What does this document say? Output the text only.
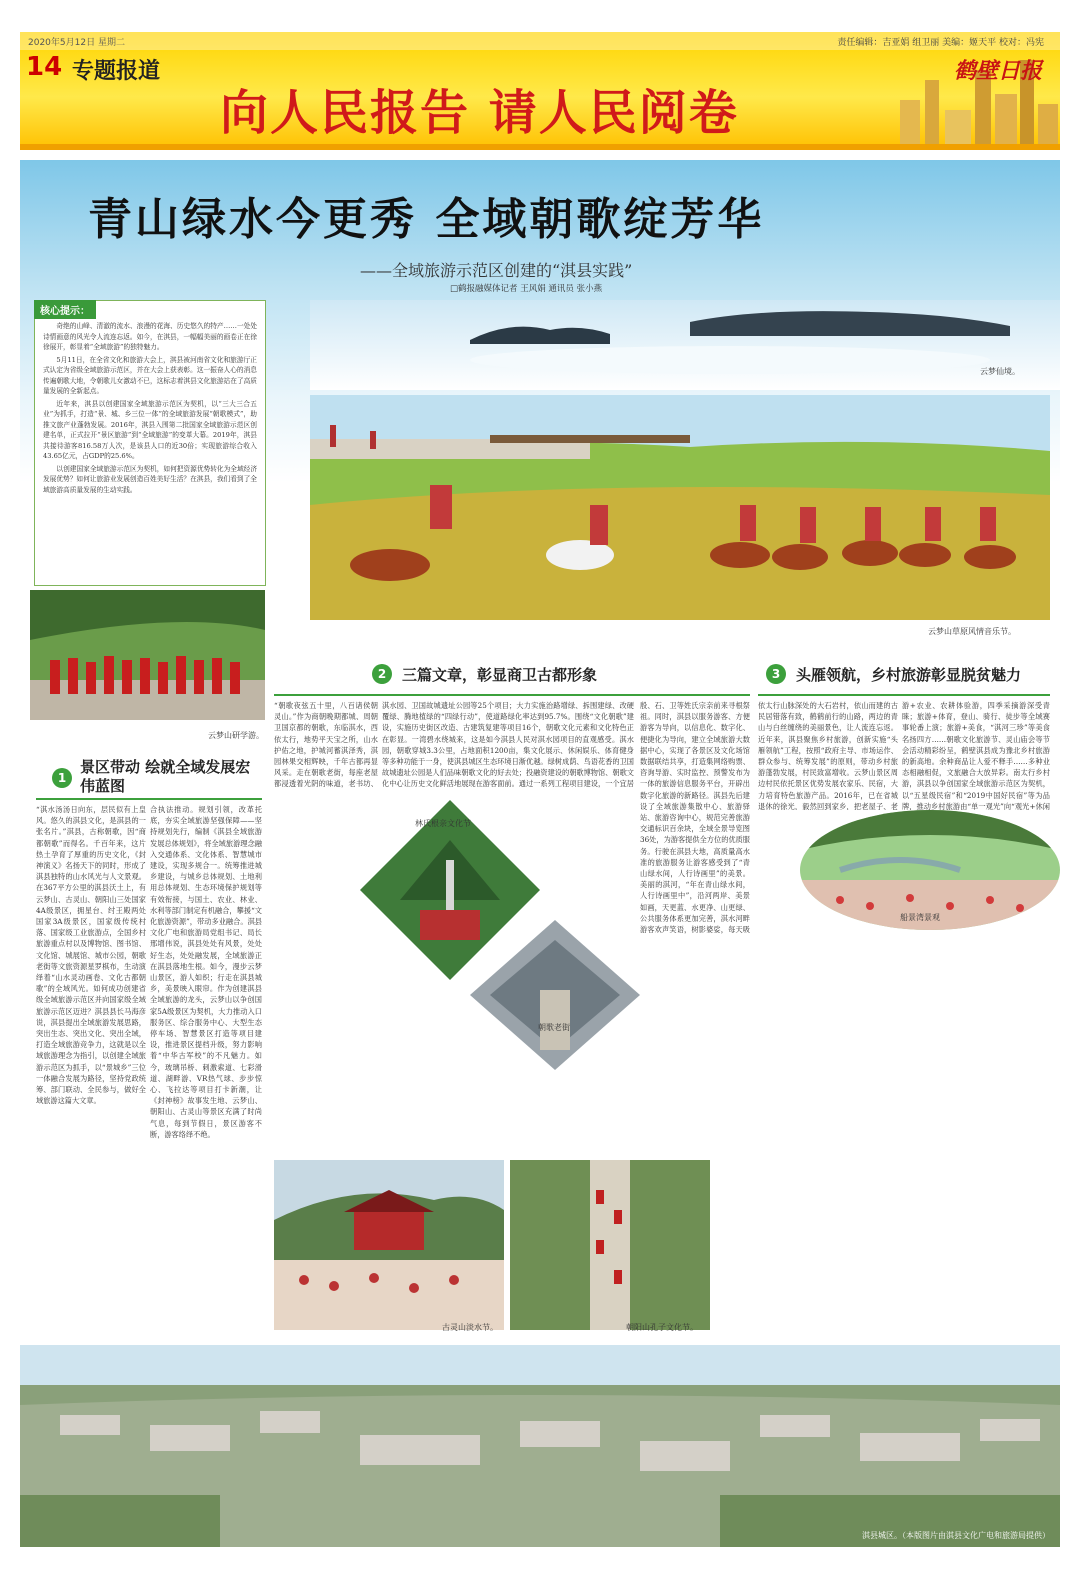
2020年5月12日 星期二	责任编辑：吉亚娟 组卫丽 美编：姬天平 校对：冯宪
14 专题报道
向人民报告 请人民阅卷
鹤壁日报
青山绿水今更秀 全域朝歌绽芳华
——全域旅游示范区创建的“淇县实践”
□鹤报融媒体记者 王风娟 通讯员 张小燕
云梦仙境。

奇绝的山峰、清澈的流水、浪漫的花海、历史悠久的特产……一处处诗情画意的风光令人流连忘返。如今，在淇县，一幅幅美丽的画卷正在徐徐展开，彰显着“全域旅游”的独特魅力。

5月11日，在全省文化和旅游大会上，淇县被河南省文化和旅游厅正式认定为省级全域旅游示范区，并在大会上获表彰。这一振奋人心的消息传遍朝歌大地，令朝歌儿女激动不已，这标志着淇县文化旅游站在了高质量发展的全新起点。

近年来，淇县以创建国家全域旅游示范区为契机，以“三大三合五业”为抓手，打造“景、城、乡三位一体”的全域旅游发展“朝歌模式”，助推文旅产业蓬勃发展。2016年，淇县入围第二批国家全域旅游示范区创建名单，正式拉开“景区旅游”到“全域旅游”的变革大幕。2019年，淇县共接待游客816.58万人次，是该县人口的近30倍；实现旅游综合收入43.65亿元，占GDP的25.6%。

以创建国家全域旅游示范区为契机，如何把资源优势转化为全域经济发展优势？如何让旅游业发展创造百姓美好生活？在淇县，我们看到了全域旅游高质量发展的生动实践。

核心提示：
云梦山草原风情音乐节。
云梦山研学游。
1
景区带动 绘就全域发展宏伟蓝图
“淇水汤汤日向东，层民似有上皇风。悠久的淇县文化，是淇县的一张名片。”淇县，古称朝歌，因“商都朝歌”而得名。千百年来，这片热土孕育了厚重的历史文化，《封神演义》名扬天下的同时，形成了淇县独特的山水风光与人文景观。在367平方公里的淇县沃土上，有云梦山、古灵山、朝阳山三处国家4A级景区，拥星台、纣王殿两处国家3A级景区，国家级传统村落、国家级工业旅游点，全国乡村旅游重点村以及博物馆、图书馆、文化馆、城展馆、城市公园，朝歌老街等文旅资源星罗棋布，生动演绎着“山水灵动画卷、文化古都朝歌”的全域风光。如何成功创建省级全域旅游示范区并向国家级全域旅游示范区迈进？淇县县长马海彦说，淇县提出全域旅游发展思路，突出生态、突出文化、突出全域，打造全域旅游竞争力，这就是以全域旅游理念为指引，以创建全域旅游示范区为抓手，以“景城乡”三位一体融合发展为路径，坚持党政统筹、部门联动、全民参与，做好全域旅游这篇大文章。
合执法推动。规划引领，改革托底，夯实全域旅游坚强保障——坚持规划先行，编制《淇县全域旅游发展总体规划》，将全域旅游理念融入交通体系、文化体系、智慧城市建设，实现多规合一。统筹推进城乡建设，与城乡总体规划、土地利用总体规划、生态环境保护规划等有效衔接，与国土、农业、林业、水利等部门制定有机融合，攀援“文化旅游资源”，带动多业融合。淇县文化广电和旅游局党组书记、局长邢增伟说，淇县处处有风景，处处好生态，处处融发展，全域旅游正在淇县落地生根。如今，漫步云梦山景区，游人如织；行走在淇县城乡，美景映入眼帘。作为创建淇县全域旅游的龙头，云梦山以争创国家5A级景区为契机，大力推动入口服务区、综合服务中心、大型生态停车场、智慧景区打造等项目建设，推进景区提档升级，努力影响着“中华古军校”的不凡魅力。如今，玻璃吊桥、刺激索道、七彩滑道、湖畔游、VR热气球、步步惊心、飞拉达等项目打卡新潮，让《封神榜》故事发生地、云梦山、朝阳山、古灵山等景区充满了时尚气息，每到节假日，景区游客不断，游客络绎不绝。
2	三篇文章，彰显商卫古都形象
“朝歌夜弦五十里，八百诸侯朝灵山。”作为商朝晚期都城、周朝卫国京都的朝歌，东临淇水，西依太行，地势平天宝之所，山水护佑之地，护城河蓄淇泽秀，淇园林果交相辉映，千年古都再显风采。走在朝歌老街，每座老屋都浸透着光阴的味道，老书坊、
淇水园、卫国故城遗址公园等25个项目；大力实施治路增绿、拆围建绿、改硬覆绿、腾地植绿的“四绿行动”，使道路绿化率达到95.7%。围绕“文化朝歌”建设，实施历史街区改造、古建筑复建等项目16个，朝歌文化元素和文化特色正在彰显。一湾碧水绕城来，这是如今淇县人民对淇水园项目的直观感受。淇水园，朝歌穿城3.3公里，占地面积1200亩，集文化展示、休闲娱乐、体育健身等多种功能于一身，使淇县城区生态环境日渐优越。绿树成荫、鸟语花香的卫国故城遗址公园是人们品味朝歌文化的好去处；投融资建设的朝歌博物馆、朝歌文化中心让历史文化鲜活地展现在游客面前。通过一系列工程项目建设，一个宜居
殷、石、卫等姓氏宗亲前来寻根祭祖。同时，淇县以服务游客、方便游客为导向，以信息化、数字化、便捷化为导向，建立全域旅游大数据中心，实现了各景区及文化场馆数据联结共享，打造集网络购票、咨询导游、实时监控、预警发布为一体的旅游信息服务平台，开辟出数字化旅游的新路径。淇县先后建设了全域旅游集散中心、旅游驿站、旅游咨询中心，规范完善旅游交通标识百余块，全域全景导览图36处，为游客提供全方位的优质服务。行驶在淇县大地，高质量高水准的旅游服务让游客感受到了“青山绿水间，人行诗画里”的美景。美丽的淇河，“年在青山绿水间，人行诗画里中”，沿河两岸、美景如画，天更蓝、水更净、山更绿、公共服务体系更加完善，淇水河畔游客欢声笑语，树影婆娑，每天吸
林氏根亲文化节
朝歌老街
古灵山淡水节。	朝阳山孔子文化节。
3	头雁领航，乡村旅游彰显脱贫魅力
依太行山脉深处的大石岩村，依山而建的古民居错落有致，鹤鹤前行的山路，两边的青山与白丝缠绕的美丽景色，让人流连忘返。近年来，淇县聚焦乡村旅游，创新实施“头雁领航”工程，按照“政府主导、市场运作、群众参与、统筹发展”的原则，带动乡村旅游蓬勃发展，村民致富增收。云梦山景区周边村民依托景区优势发展农家乐、民宿，大力培育特色旅游产品。2016年，已在省城退休的徐光，毅然回到家乡，把老屋子、老
游+农业、农耕体验游，四季采摘游深受青睐；旅游+体育，登山、骑行、徒步等全域赛事轮番上演；旅游+美食，“淇河三珍”等美食名扬四方……朝歌文化旅游节、灵山庙会等节会活动精彩纷呈，鹤壁淇县成为豫北乡村旅游的新高地。余种商品让人爱不释手……多种业态相融相促，文旅融合大放异彩。南太行乡村游，淇县以争创国家全域旅游示范区为契机，以“五星级民宿”和“2019中国好民宿”等为品牌，推动乡村旅游由“单一观光”向“观光+休闲
船景湾景观
淇县城区。（本版图片由淇县文化广电和旅游局提供）
